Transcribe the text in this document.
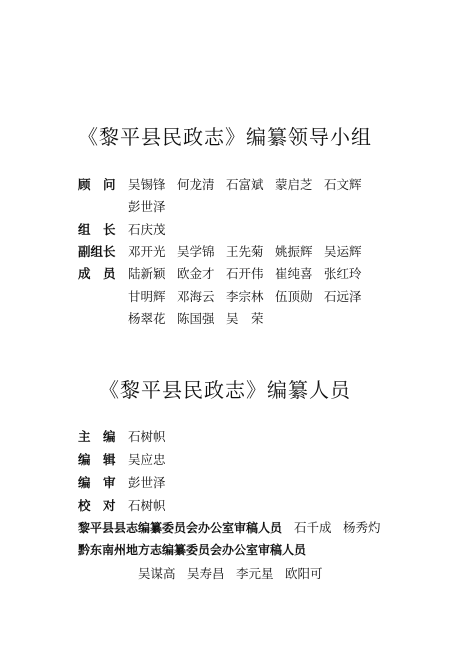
《黎平县民政志》编纂领导小组
顾　问 吴锡锋 何龙清 石富斌 蒙启芝 石文辉
彭世泽
组　长 石庆茂
副组长 邓开光 吴学锦 王先菊 姚振辉 吴运辉
成　员 陆新颖 欧金才 石开伟 崔纯喜 张红玲
甘明辉 邓海云 李宗林 伍顶勋 石远泽
杨翠花 陈国强 吴　荣
《黎平县民政志》编纂人员
主　编 石树帜
编　辑 吴应忠
编　审 彭世泽
校　对 石树帜
黎平县县志编纂委员会办公室审稿人员 石千成 杨秀灼
黔东南州地方志编纂委员会办公室审稿人员
吴谋高 吴寿昌 李元星 欧阳可
